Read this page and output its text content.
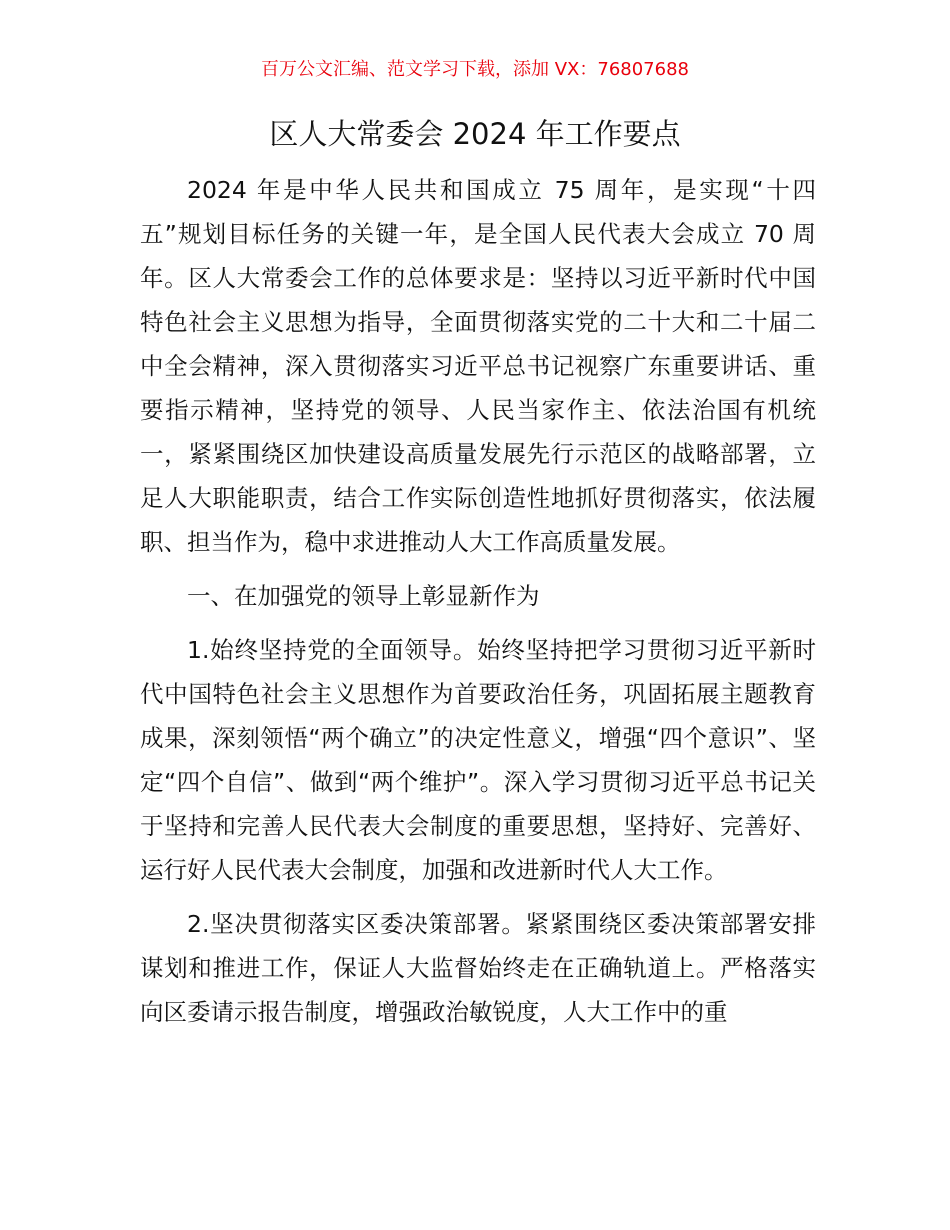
百万公文汇编、范文学习下载，添加 VX：76807688
区人大常委会 2024 年工作要点

2024 年是中华人民共和国成立 75 周年，是实现“十四五”规划目标任务的关键一年，是全国人民代表大会成立 70 周年。区人大常委会工作的总体要求是：坚持以习近平新时代中国特色社会主义思想为指导，全面贯彻落实党的二十大和二十届二中全会精神，深入贯彻落实习近平总书记视察广东重要讲话、重要指示精神，坚持党的领导、人民当家作主、依法治国有机统一，紧紧围绕区加快建设高质量发展先行示范区的战略部署，立足人大职能职责，结合工作实际创造性地抓好贯彻落实，依法履职、担当作为，稳中求进推动人大工作高质量发展。

一、在加强党的领导上彰显新作为

1.始终坚持党的全面领导。始终坚持把学习贯彻习近平新时代中国特色社会主义思想作为首要政治任务，巩固拓展主题教育成果，深刻领悟“两个确立”的决定性意义，增强“四个意识”、坚定“四个自信”、做到“两个维护”。深入学习贯彻习近平总书记关于坚持和完善人民代表大会制度的重要思想，坚持好、完善好、运行好人民代表大会制度，加强和改进新时代人大工作。

2.坚决贯彻落实区委决策部署。紧紧围绕区委决策部署安排谋划和推进工作，保证人大监督始终走在正确轨道上。严格落实向区委请示报告制度，增强政治敏锐度，人大工作中的重
